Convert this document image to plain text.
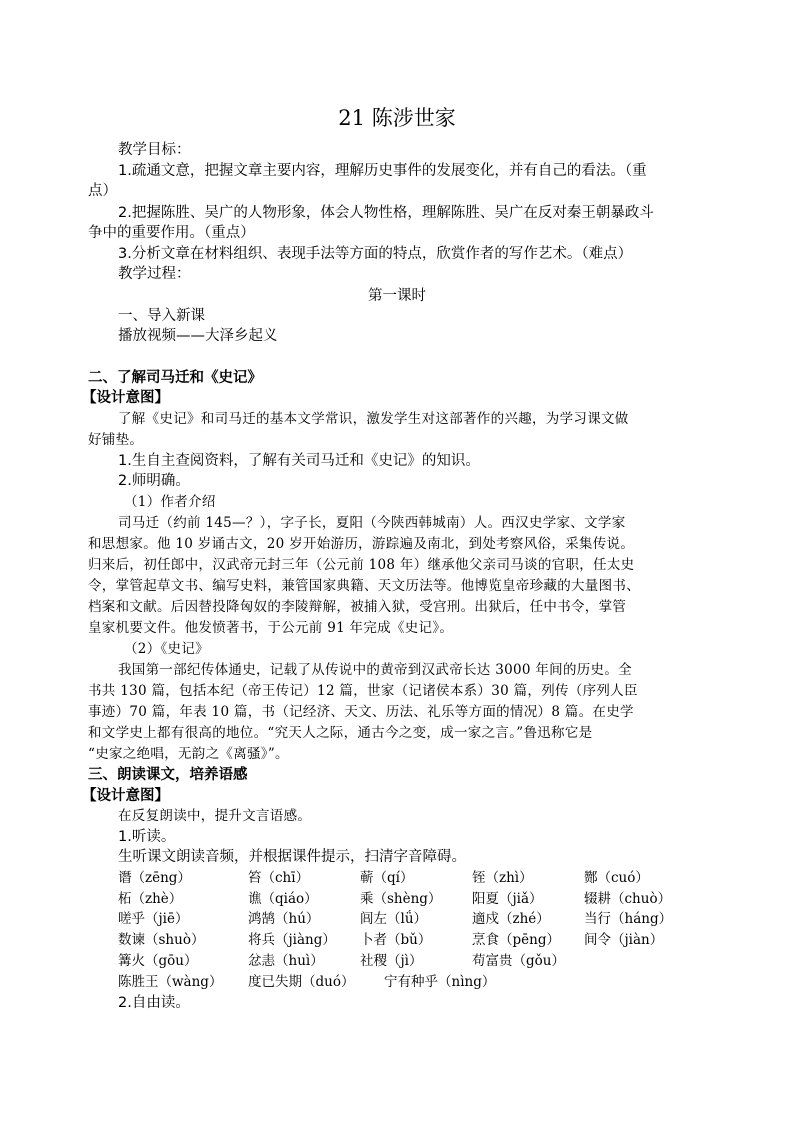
21 陈涉世家
教学目标：
1.疏通文意，把握文章主要内容，理解历史事件的发展变化，并有自己的看法。（重
点）
2.把握陈胜、吴广的人物形象，体会人物性格，理解陈胜、吴广在反对秦王朝暴政斗
争中的重要作用。（重点）
3.分析文章在材料组织、表现手法等方面的特点，欣赏作者的写作艺术。（难点）
教学过程：
第一课时
一、导入新课
播放视频——大泽乡起义
二、了解司马迁和《史记》
【设计意图】
了解《史记》和司马迁的基本文学常识，激发学生对这部著作的兴趣，为学习课文做
好铺垫。
1.生自主查阅资料，了解有关司马迁和《史记》的知识。
2.师明确。
（1）作者介绍
司马迁（约前 145—？），字子长，夏阳（今陕西韩城南）人。西汉史学家、文学家
和思想家。他 10 岁诵古文，20 岁开始游历，游踪遍及南北，到处考察风俗，采集传说。
归来后，初任郎中，汉武帝元封三年（公元前 108 年）继承他父亲司马谈的官职，任太史
令，掌管起草文书、编写史料，兼管国家典籍、天文历法等。他博览皇帝珍藏的大量图书、
档案和文献。后因替投降匈奴的李陵辩解，被捕入狱，受宫刑。出狱后，任中书令，掌管
皇家机要文件。他发愤著书，于公元前 91 年完成《史记》。
（2）《史记》
我国第一部纪传体通史，记载了从传说中的黄帝到汉武帝长达 3000 年间的历史。全
书共 130 篇，包括本纪（帝王传记）12 篇，世家（记诸侯本系）30 篇，列传（序列人臣
事迹）70 篇，年表 10 篇，书（记经济、天文、历法、礼乐等方面的情况）8 篇。在史学
和文学史上都有很高的地位。“究天人之际，通古今之变，成一家之言。”鲁迅称它是
“史家之绝唱，无韵之《离骚》”。
三、朗读课文，培养语感
【设计意图】
在反复朗读中，提升文言语感。
1.听读。
生听课文朗读音频，并根据课件提示，扫清字音障碍。
谮（zēng）	笞（chī）	蕲（qí）	铚（zhì）	酂（cuó）
柘（zhè）	谯（qiáo）	乘（shèng） 阳夏（jiǎ）	辍耕（chuò）
嗟乎（jiē）	鸿鹄（hú）	闾左（lǘ）	適戍（zhé）	当行（háng）
数谏（shuò）	将兵（jiàng） 卜者（bǔ）	烹食（pēng） 间令（jiàn）
篝火（gōu）	忿恚（huì）	社稷（jì）	苟富贵（gǒu）
陈胜王（wàng） 度已失期（duó） 宁有种乎（nìng）
2.自由读。
